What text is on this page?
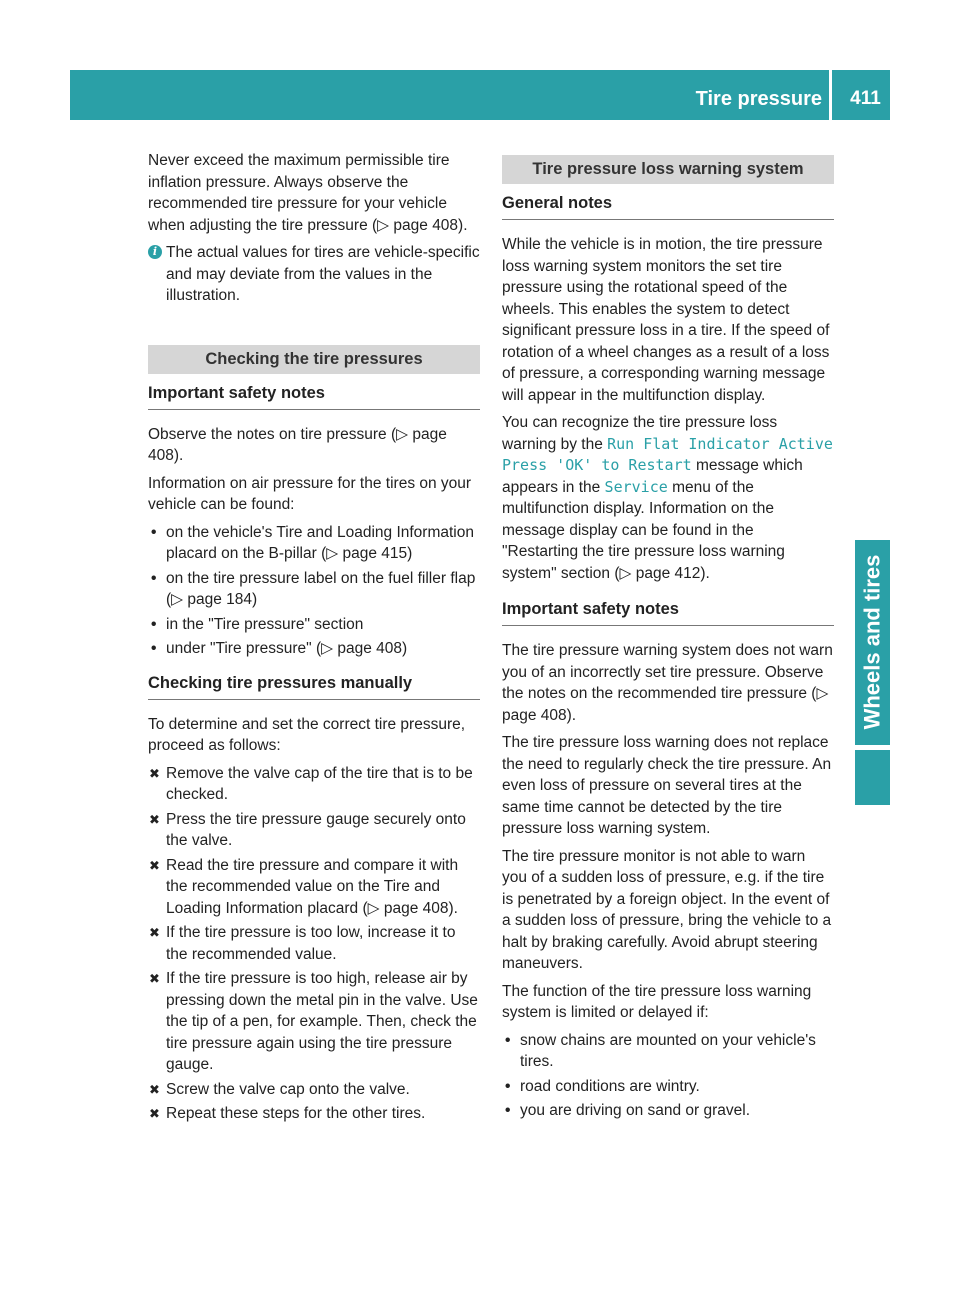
Tire pressure	411
Wheels and tires

Never exceed the maximum permissible tire inflation pressure. Always observe the recommended tire pressure for your vehicle when adjusting the tire pressure (▷ page 408).

i The actual values for tires are vehicle-specific and may deviate from the values in the illustration.
Checking the tire pressures
Important safety notes

Observe the notes on tire pressure (▷ page 408).

Information on air pressure for the tires on your vehicle can be found:

• on the vehicle's Tire and Loading Information placard on the B-pillar (▷ page 415)
• on the tire pressure label on the fuel filler flap (▷ page 184)
• in the "Tire pressure" section
• under "Tire pressure" (▷ page 408)
Checking tire pressures manually

To determine and set the correct tire pressure, proceed as follows:

✖ Remove the valve cap of the tire that is to be checked.
✖ Press the tire pressure gauge securely onto the valve.
✖ Read the tire pressure and compare it with the recommended value on the Tire and Loading Information placard (▷ page 408).
✖ If the tire pressure is too low, increase it to the recommended value.
✖ If the tire pressure is too high, release air by pressing down the metal pin in the valve. Use the tip of a pen, for example. Then, check the tire pressure again using the tire pressure gauge.
✖ Screw the valve cap onto the valve.
✖ Repeat these steps for the other tires.
Tire pressure loss warning system
General notes

While the vehicle is in motion, the tire pressure loss warning system monitors the set tire pressure using the rotational speed of the wheels. This enables the system to detect significant pressure loss in a tire. If the speed of rotation of a wheel changes as a result of a loss of pressure, a corresponding warning message will appear in the multifunction display.

You can recognize the tire pressure loss warning by the Run Flat Indicator Active Press 'OK' to Restart message which appears in the Service menu of the multifunction display. Information on the message display can be found in the "Restarting the tire pressure loss warning system" section (▷ page 412).

Important safety notes

The tire pressure warning system does not warn you of an incorrectly set tire pressure. Observe the notes on the recommended tire pressure (▷ page 408).

The tire pressure loss warning does not replace the need to regularly check the tire pressure. An even loss of pressure on several tires at the same time cannot be detected by the tire pressure loss warning system.

The tire pressure monitor is not able to warn you of a sudden loss of pressure, e.g. if the tire is penetrated by a foreign object. In the event of a sudden loss of pressure, bring the vehicle to a halt by braking carefully. Avoid abrupt steering maneuvers.

The function of the tire pressure loss warning system is limited or delayed if:

• snow chains are mounted on your vehicle's tires.
• road conditions are wintry.
• you are driving on sand or gravel.
